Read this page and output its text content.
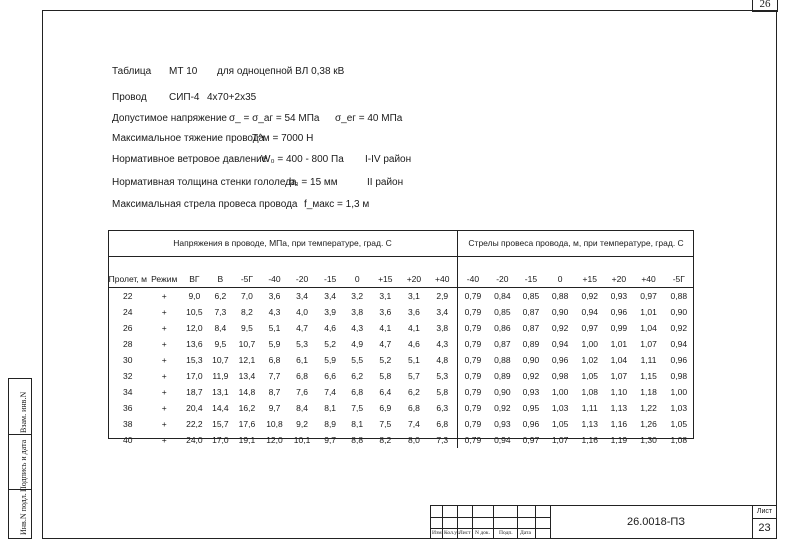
26
Взам. инв.N
Подпись и дата
Инв.N подл.
Таблица МТ 10 для одноцепной ВЛ 0,38 кВ
Провод СИП-4 4х70+2х35
Допустимое напряжение σ_ = σ_аг = 54 МПа σ_ег = 40 МПа
Максимальное тяжение провода
T^м = 7000 Н
Нормативное ветровое давление
W₀ = 400 - 800 Па I-IV район
Нормативная толщина стенки гололеда
b₃ = 15 мм	II район
Максимальная стрела провеса провода f_макс = 1,3 м
Напряжения в проводе, МПа, при температуре, град. С												Стрелы провеса провода, м, при температуре, град. С							
Пролет, м	Режим	ВГ	В	-5Г	-40	-20	-15	0	+15	+20	+40	-40	-20	-15	0	+15	+20	+40	-5Г
22	+	9,0	6,2	7,0	3,6	3,4	3,4	3,2	3,1	3,1	2,9	0,79	0,84	0,85	0,88	0,92	0,93	0,97	0,88
24	+	10,5	7,3	8,2	4,3	4,0	3,9	3,8	3,6	3,6	3,4	0,79	0,85	0,87	0,90	0,94	0,96	1,01	0,90
26	+	12,0	8,4	9,5	5,1	4,7	4,6	4,3	4,1	4,1	3,8	0,79	0,86	0,87	0,92	0,97	0,99	1,04	0,92
28	+	13,6	9,5	10,7	5,9	5,3	5,2	4,9	4,7	4,6	4,3	0,79	0,87	0,89	0,94	1,00	1,01	1,07	0,94
30	+	15,3	10,7	12,1	6,8	6,1	5,9	5,5	5,2	5,1	4,8	0,79	0,88	0,90	0,96	1,02	1,04	1,11	0,96
32	+	17,0	11,9	13,4	7,7	6,8	6,6	6,2	5,8	5,7	5,3	0,79	0,89	0,92	0,98	1,05	1,07	1,15	0,98
34	+	18,7	13,1	14,8	8,7	7,6	7,4	6,8	6,4	6,2	5,8	0,79	0,90	0,93	1,00	1,08	1,10	1,18	1,00
36	+	20,4	14,4	16,2	9,7	8,4	8,1	7,5	6,9	6,8	6,3	0,79	0,92	0,95	1,03	1,11	1,13	1,22	1,03
38	+	22,2	15,7	17,6	10,8	9,2	8,9	8,1	7,5	7,4	6,8	0,79	0,93	0,96	1,05	1,13	1,16	1,26	1,05
40	+	24,0	17,0	19,1	12,0	10,1	9,7	8,8	8,2	8,0	7,3	0,79	0,94	0,97	1,07	1,16	1,19	1,30	1,08
Изм. Кол.уч Лист N док. Подп. Дата
26.0018-ПЗ
Лист
23
